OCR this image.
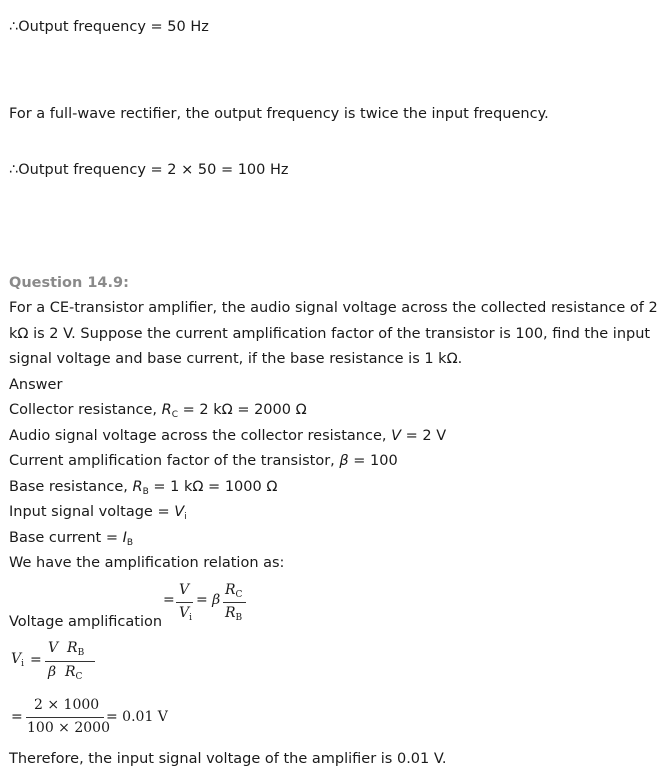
∴Output frequency = 50 Hz
For a full-wave rectifier, the output frequency is twice the input frequency.
∴Output frequency = 2 × 50 = 100 Hz
Question 14.9:
For a CE-transistor amplifier, the audio signal voltage across the collected resistance of 2
kΩ is 2 V. Suppose the current amplification factor of the transistor is 100, find the input
signal voltage and base current, if the base resistance is 1 kΩ.
Answer
Collector resistance, $R_C = 2$ kΩ = 2000 Ω
Audio signal voltage across the collector resistance, V = 2 V
Current amplification factor of the transistor, β = 100
Base resistance, $R_B = 1$ kΩ = 1000 Ω
Input signal voltage = $V_i$
Base current = $I_B$
We have the amplification relation as:
Voltage amplification
=
V
$V_i$
= β
$R_C$
$R_B$
$V_i$ =
V  $R_B$
β  $R_C$
=
2 × 1000
100 × 2000
= 0.01 V
Therefore, the input signal voltage of the amplifier is 0.01 V.
